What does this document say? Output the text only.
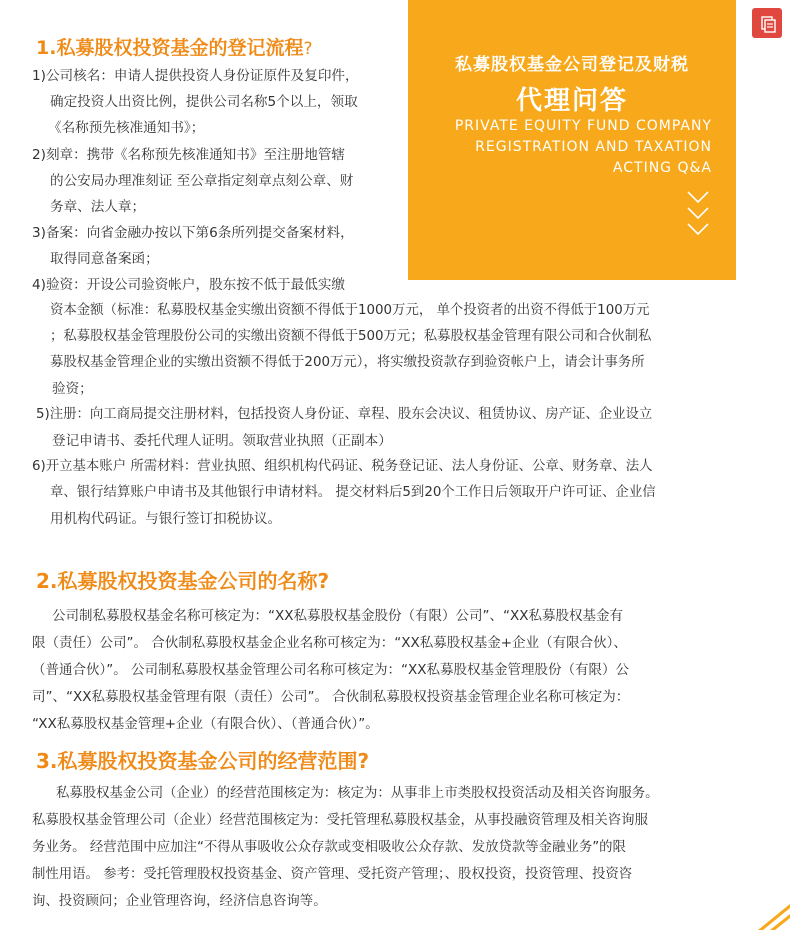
私募股权基金公司登记及财税
代理问答
PRIVATE EQUITY FUND COMPANY
REGISTRATION AND TAXATION
ACTING Q&A
1.私募股权投资基金的登记流程?
1)公司核名：申请人提供投资人身份证原件及复印件，
确定投资人出资比例，提供公司名称5个以上，领取
《名称预先核准通知书》；
2)刻章：携带《名称预先核准通知书》至注册地管辖
的公安局办理准刻证 至公章指定刻章点刻公章、财
务章、法人章；
3)备案：向省金融办按以下第6条所列提交备案材料，
取得同意备案函；
4)验资：开设公司验资帐户，股东按不低于最低实缴
资本金额（标准：私募股权基金实缴出资额不得低于1000万元， 单个投资者的出资不得低于100万元
；私募股权基金管理股份公司的实缴出资额不得低于500万元；私募股权基金管理有限公司和合伙制私
募股权基金管理企业的实缴出资额不得低于200万元），将实缴投资款存到验资帐户上，请会计事务所
验资；
5)注册：向工商局提交注册材料，包括投资人身份证、章程、股东会决议、租赁协议、房产证、企业设立
登记申请书、委托代理人证明。领取营业执照（正副本）
6)开立基本账户 所需材料：营业执照、组织机构代码证、税务登记证、法人身份证、公章、财务章、法人
章、银行结算账户申请书及其他银行申请材料。 提交材料后5到20个工作日后领取开户许可证、企业信
用机构代码证。与银行签订扣税协议。
2.私募股权投资基金公司的名称?
公司制私募股权基金名称可核定为：“XX私募股权基金股份（有限）公司”、“XX私募股权基金有
限（责任）公司”。 合伙制私募股权基金企业名称可核定为：“XX私募股权基金+企业（有限合伙）、
（普通合伙）”。 公司制私募股权基金管理公司名称可核定为：“XX私募股权基金管理股份（有限）公
司”、“XX私募股权基金管理有限（责任）公司”。 合伙制私募股权投资基金管理企业名称可核定为：
“XX私募股权基金管理+企业（有限合伙）、（普通合伙）”。
3.私募股权投资基金公司的经营范围?
私募股权基金公司（企业）的经营范围核定为：核定为：从事非上市类股权投资活动及相关咨询服务。
私募股权基金管理公司（企业）经营范围核定为：受托管理私募股权基金，从事投融资管理及相关咨询服
务业务。 经营范围中应加注“不得从事吸收公众存款或变相吸收公众存款、发放贷款等金融业务”的限
制性用语。 参考：受托管理股权投资基金、资产管理、受托资产管理；、股权投资，投资管理、投资咨
询、投资顾问；企业管理咨询，经济信息咨询等。
